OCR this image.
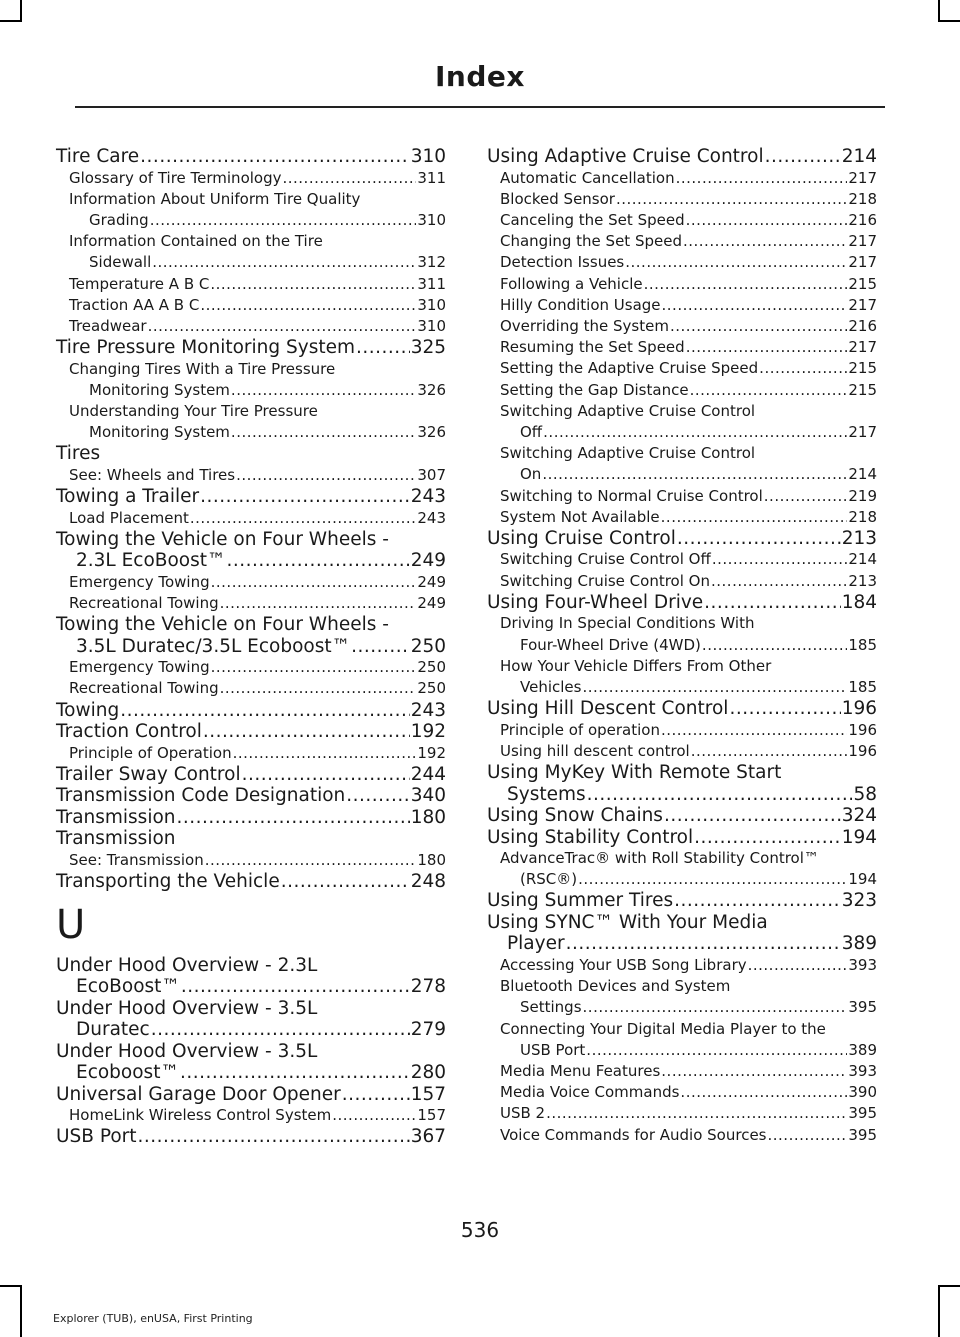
Index
Tire Care .....	310
Glossary of Tire Terminology .....	311
Information About Uniform Tire Quality
Grading .....	310
Information Contained on the Tire
Sidewall .....	312
Temperature A B C .....	311
Traction AA A B C .....	310
Treadwear .....	310
Tire Pressure Monitoring System .....	325
Changing Tires With a Tire Pressure
Monitoring System .....	326
Understanding Your Tire Pressure
Monitoring System .....	326
Tires
See: Wheels and Tires .....	307
Towing a Trailer .....	243
Load Placement .....	243
Towing the Vehicle on Four Wheels -
2.3L EcoBoost™ .....	249
Emergency Towing .....	249
Recreational Towing .....	249
Towing the Vehicle on Four Wheels -
3.5L Duratec/3.5L Ecoboost™ .....	250
Emergency Towing .....	250
Recreational Towing .....	250
Towing .....	243
Traction Control .....	192
Principle of Operation .....	192
Trailer Sway Control .....	244
Transmission Code Designation .....	340
Transmission .....	180
Transmission
See: Transmission .....	180
Transporting the Vehicle .....	248
U
Under Hood Overview - 2.3L
EcoBoost™ .....	278
Under Hood Overview - 3.5L
Duratec .....	279
Under Hood Overview - 3.5L
Ecoboost™ .....	280
Universal Garage Door Opener .....	157
HomeLink Wireless Control System .....	157
USB Port .....	367
Using Adaptive Cruise Control .....	214
Automatic Cancellation .....	217
Blocked Sensor .....	218
Canceling the Set Speed .....	216
Changing the Set Speed .....	217
Detection Issues .....	217
Following a Vehicle .....	215
Hilly Condition Usage .....	217
Overriding the System .....	216
Resuming the Set Speed .....	217
Setting the Adaptive Cruise Speed .....	215
Setting the Gap Distance .....	215
Switching Adaptive Cruise Control
Off .....	217
Switching Adaptive Cruise Control
On .....	214
Switching to Normal Cruise Control .....	219
System Not Available .....	218
Using Cruise Control .....	213
Switching Cruise Control Off .....	214
Switching Cruise Control On .....	213
Using Four-Wheel Drive .....	184
Driving In Special Conditions With
Four-Wheel Drive (4WD) .....	185
How Your Vehicle Differs From Other
Vehicles .....	185
Using Hill Descent Control .....	196
Principle of operation .....	196
Using hill descent control .....	196
Using MyKey With Remote Start
Systems .....	58
Using Snow Chains .....	324
Using Stability Control .....	194
AdvanceTrac® with Roll Stability Control™
(RSC®) .....	194
Using Summer Tires .....	323
Using SYNC™ With Your Media
Player .....	389
Accessing Your USB Song Library .....	393
Bluetooth Devices and System
Settings .....	395
Connecting Your Digital Media Player to the
USB Port .....	389
Media Menu Features .....	393
Media Voice Commands .....	390
USB 2 .....	395
Voice Commands for Audio Sources .....	395
536
Explorer (TUB), enUSA, First Printing
